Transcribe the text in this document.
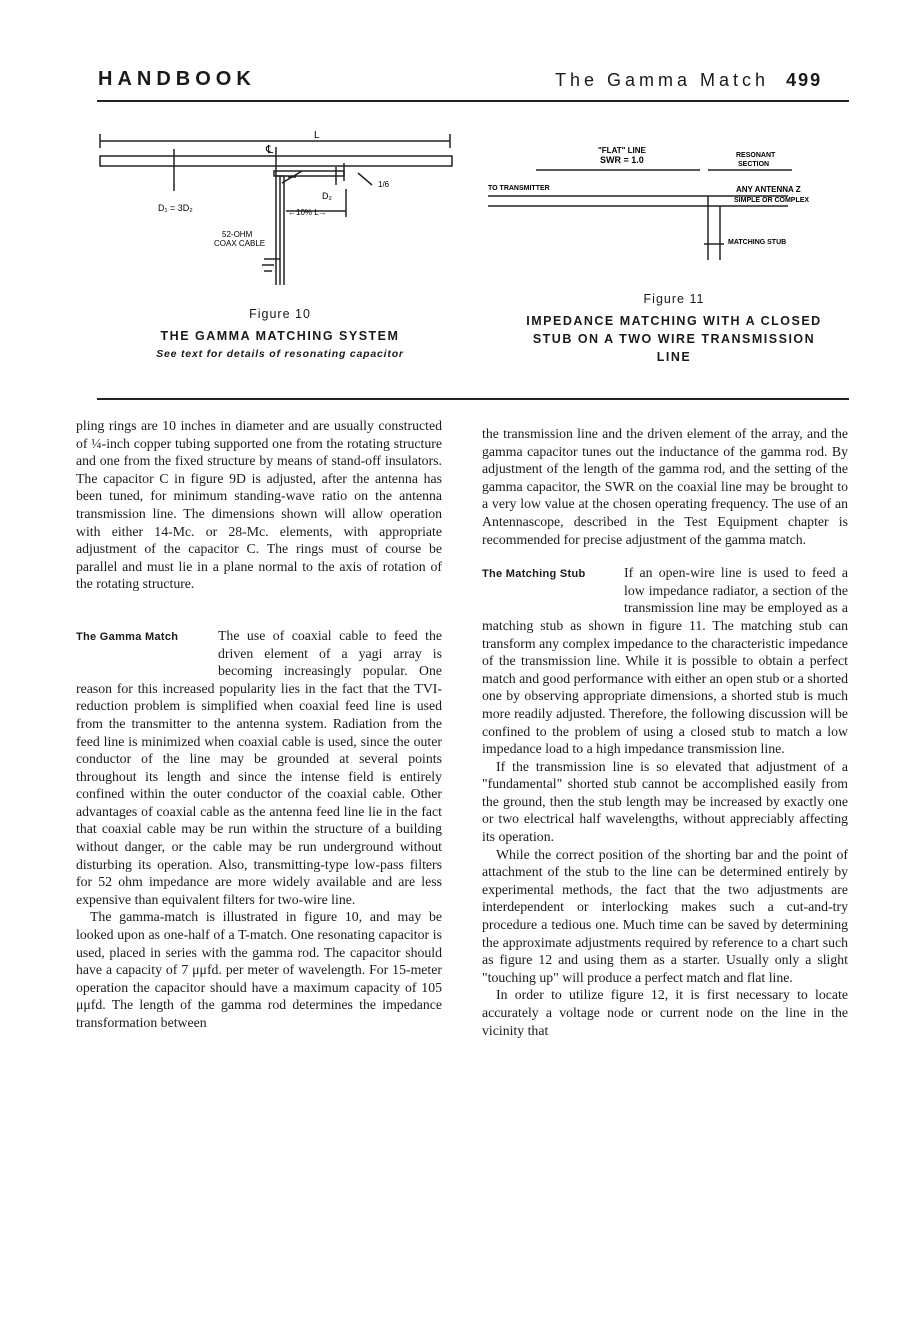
HANDBOOK	The Gamma Match 499
L
℄
D₁ = 3D₂
D₂
←10% L→
52-OHM
COAX CABLE
1/6
Figure 10
THE GAMMA MATCHING SYSTEM
See text for details of resonating capacitor
"FLAT" LINE
SWR = 1.0	RESONANT
SECTION
TO TRANSMITTER	ANY ANTENNA Z
SIMPLE OR COMPLEX
MATCHING STUB
Figure 11
IMPEDANCE MATCHING WITH A CLOSED
STUB ON A TWO WIRE TRANSMISSION
LINE

pling rings are 10 inches in diameter and are usually constructed of ¼-inch copper tubing supported one from the rotating structure and one from the fixed structure by means of stand-off insulators. The capacitor C in figure 9D is adjusted, after the antenna has been tuned, for minimum standing-wave ratio on the antenna transmission line. The dimensions shown will allow operation with either 14-Mc. or 28-Mc. elements, with appropriate adjustment of the capacitor C. The rings must of course be parallel and must lie in a plane normal to the axis of rotation of the rotating structure.

The Gamma Match	The use of coaxial cable to feed the driven element of a yagi array is becoming increasingly popular. One reason for this increased popularity lies in the fact that the TVI-reduction problem is simplified when coaxial feed line is used from the transmitter to the antenna system. Radiation from the feed line is minimized when coaxial cable is used, since the outer conductor of the line may be grounded at several points throughout its length and since the intense field is entirely confined within the outer conductor of the coaxial cable. Other advantages of coaxial cable as the antenna feed line lie in the fact that coaxial cable may be run within the structure of a building without danger, or the cable may be run underground without disturbing its operation. Also, transmitting-type low-pass filters for 52 ohm impedance are more widely available and are less expensive than equivalent filters for two-wire line.

The gamma-match is illustrated in figure 10, and may be looked upon as one-half of a T-match. One resonating capacitor is used, placed in series with the gamma rod. The capacitor should have a capacity of 7 μμfd. per meter of wavelength. For 15-meter operation the capacitor should have a maximum capacity of 105 μμfd. The length of the gamma rod determines the impedance transformation between

the transmission line and the driven element of the array, and the gamma capacitor tunes out the inductance of the gamma rod. By adjustment of the length of the gamma rod, and the setting of the gamma capacitor, the SWR on the coaxial line may be brought to a very low value at the chosen operating frequency. The use of an Antennascope, described in the Test Equipment chapter is recommended for precise adjustment of the gamma match.

The Matching Stub	If an open-wire line is used to feed a low impedance radiator, a section of the transmission line may be employed as a matching stub as shown in figure 11. The matching stub can transform any complex impedance to the characteristic impedance of the transmission line. While it is possible to obtain a perfect match and good performance with either an open stub or a shorted one by observing appropriate dimensions, a shorted stub is much more readily adjusted. Therefore, the following discussion will be confined to the problem of using a closed stub to match a low impedance load to a high impedance transmission line.

If the transmission line is so elevated that adjustment of a "fundamental" shorted stub cannot be accomplished easily from the ground, then the stub length may be increased by exactly one or two electrical half wavelengths, without appreciably affecting its operation.

While the correct position of the shorting bar and the point of attachment of the stub to the line can be determined entirely by experimental methods, the fact that the two adjustments are interdependent or interlocking makes such a cut-and-try procedure a tedious one. Much time can be saved by determining the approximate adjustments required by reference to a chart such as figure 12 and using them as a starter. Usually only a slight "touching up" will produce a perfect match and flat line.

In order to utilize figure 12, it is first necessary to locate accurately a voltage node or current node on the line in the vicinity that
